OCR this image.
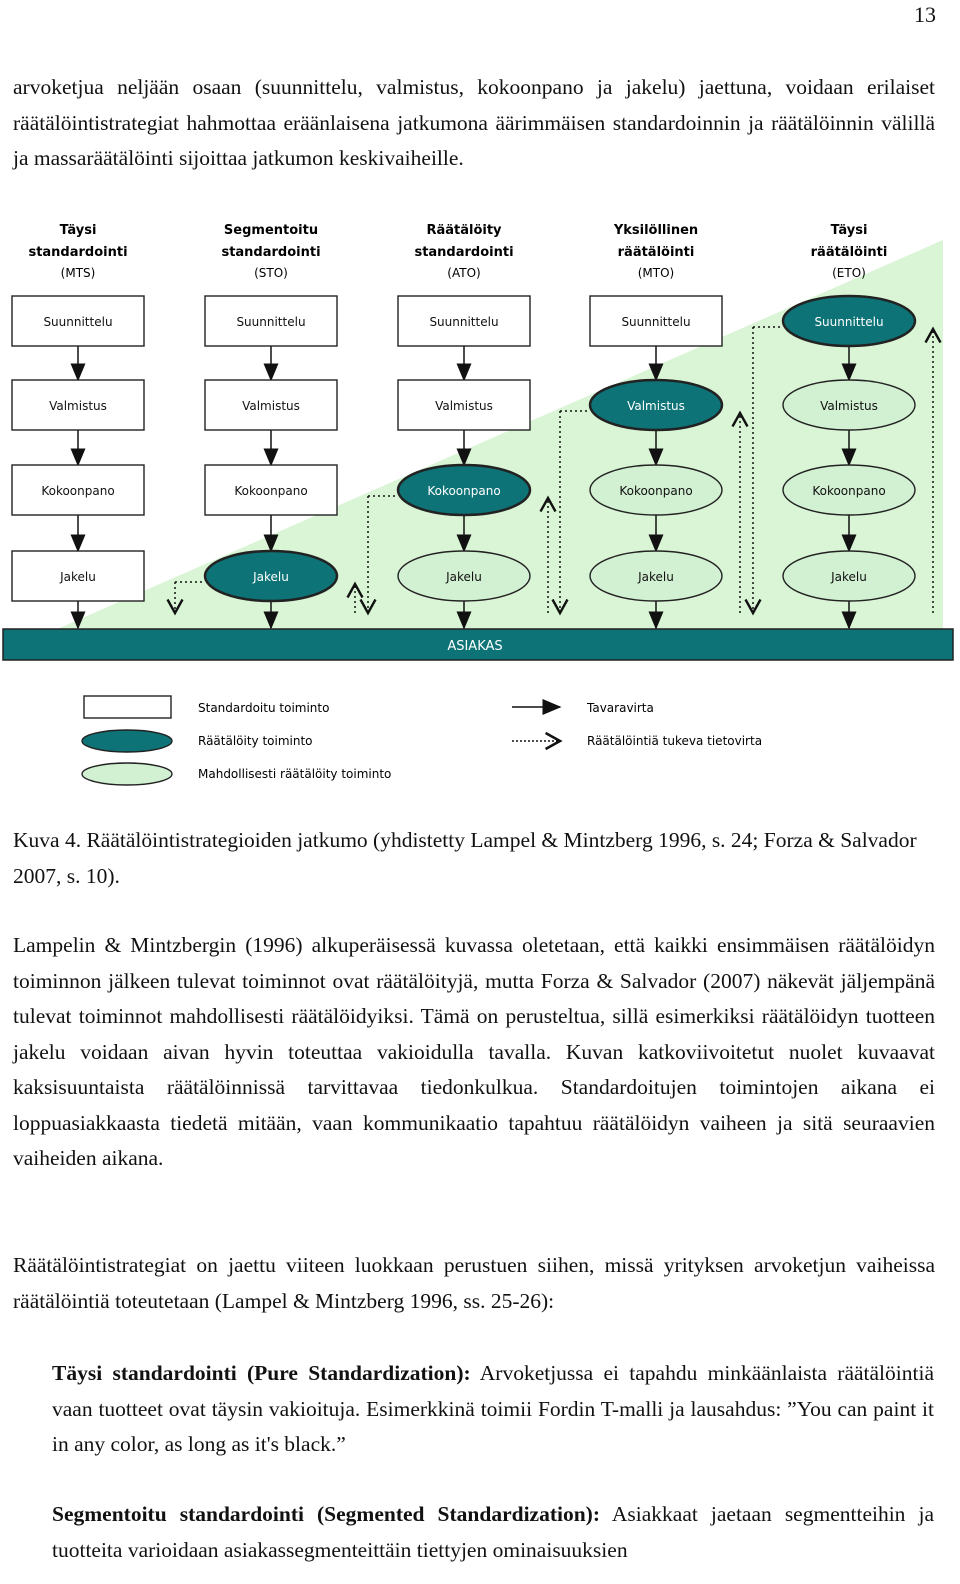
13

arvoketjua neljään osaan (suunnittelu, valmistus, kokoonpano ja jakelu) jaettuna, voidaan erilaiset räätälöintistrategiat hahmottaa eräänlaisena jatkumona äärimmäisen standardoinnin ja räätälöinnin välillä ja massaräätälöinti sijoittaa jatkumon keskivaiheille.

Täysi
standardointi
(MTS)
Segmentoitu
standardointi
(STO)
Räätälöity
standardointi
(ATO)
Yksilöllinen
räätälöinti
(MTO)
Täysi
räätälöinti
(ETO)
Suunnittelu
Valmistus
Kokoonpano
Jakelu
Suunnittelu
Valmistus
Kokoonpano
Jakelu
Suunnittelu
Valmistus
Kokoonpano
Jakelu
Suunnittelu
Valmistus
Kokoonpano
Jakelu
Suunnittelu
Valmistus
Kokoonpano
Jakelu
ASIAKAS
Standardoitu toiminto
Räätälöity toiminto
Mahdollisesti räätälöity toiminto
Tavaravirta
Räätälöintiä tukeva tietovirta

Kuva 4. Räätälöintistrategioiden jatkumo (yhdistetty Lampel & Mintzberg 1996, s. 24; Forza & Salvador 2007, s. 10).

Lampelin & Mintzbergin (1996) alkuperäisessä kuvassa oletetaan, että kaikki ensimmäisen räätälöidyn toiminnon jälkeen tulevat toiminnot ovat räätälöityjä, mutta Forza & Salvador (2007) näkevät jäljempänä tulevat toiminnot mahdollisesti räätälöidyiksi. Tämä on perusteltua, sillä esimerkiksi räätälöidyn tuotteen jakelu voidaan aivan hyvin toteuttaa vakioidulla tavalla. Kuvan katkoviivoitetut nuolet kuvaavat kaksisuuntaista räätälöinnissä tarvittavaa tiedonkulkua. Standardoitujen toimintojen aikana ei loppuasiakkaasta tiedetä mitään, vaan kommunikaatio tapahtuu räätälöidyn vaiheen ja sitä seuraavien vaiheiden aikana.

Räätälöintistrategiat on jaettu viiteen luokkaan perustuen siihen, missä yrityksen arvoketjun vaiheissa räätälöintiä toteutetaan (Lampel & Mintzberg 1996, ss. 25-26):

Täysi standardointi (Pure Standardization): Arvoketjussa ei tapahdu minkäänlaista räätälöintiä vaan tuotteet ovat täysin vakioituja. Esimerkkinä toimii Fordin T-malli ja lausahdus: ”You can paint it in any color, as long as it's black.”

Segmentoitu standardointi (Segmented Standardization): Asiakkaat jaetaan segmentteihin ja tuotteita varioidaan asiakassegmenteittäin tiettyjen ominaisuuksien
